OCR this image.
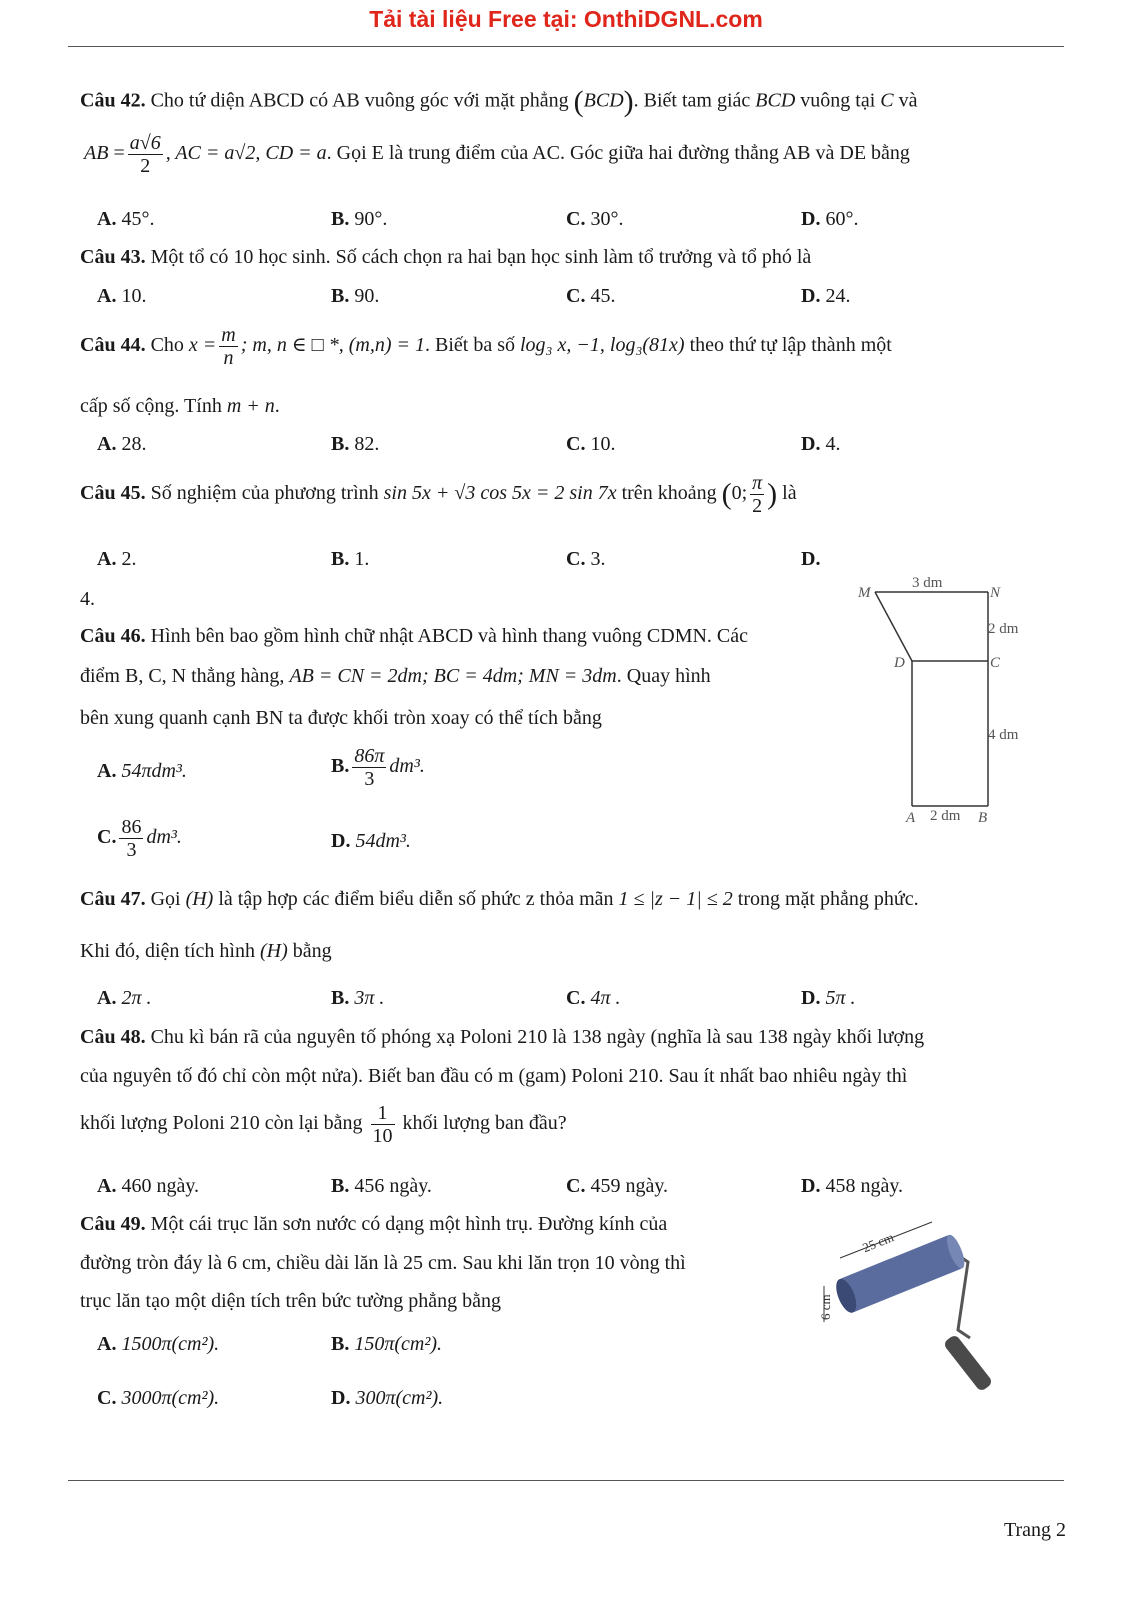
Tải tài liệu Free tại: OnthiDGNL.com
Câu 42. Cho tứ diện ABCD có AB vuông góc với mặt phẳng (BCD). Biết tam giác BCD vuông tại C và
AB = $\frac{a√6}{2}$ , AC = a√2, CD = a. Gọi E là trung điểm của AC. Góc giữa hai đường thẳng AB và DE bằng
A. 45°.	B. 90°.	C. 30°.	D. 60°.
Câu 43. Một tổ có 10 học sinh. Số cách chọn ra hai bạn học sinh làm tổ trưởng và tổ phó là
A. 10.	B. 90.	C. 45.	D. 24.
Câu 44. Cho $x = \frac{m}{n}$ ; m, n ∈ □ *, (m,n) = 1. Biết ba số log₃ x, −1, log₃(81x) theo thứ tự lập thành một
cấp số cộng. Tính m + n.
A. 28.	B. 82.	C. 10.	D. 4.
Câu 45. Số nghiệm của phương trình sin 5x + √3 cos 5x = 2 sin 7x trên khoảng (0; $\frac{\pi}{2}$ ) là
A. 2.	B. 1.	C. 3.	D.
4.
Câu 46. Hình bên bao gồm hình chữ nhật ABCD và hình thang vuông CDMN. Các
điểm B, C, N thẳng hàng, AB = CN = 2dm; BC = 4dm; MN = 3dm. Quay hình
bên xung quanh cạnh BN ta được khối tròn xoay có thể tích bằng
A. 54πdm³.	B. $\frac{86\pi}{3} dm^3$.
C. $\frac{86}{3} dm^3$.	D. 54dm³.
M	N
D	C
A	B
3 dm
2 dm
4 dm
2 dm
Câu 47. Gọi (H) là tập hợp các điểm biểu diễn số phức z thỏa mãn 1 ≤ |z − 1| ≤ 2 trong mặt phẳng phức.
Khi đó, diện tích hình (H) bằng
A. 2π .	B. 3π .	C. 4π .	D. 5π .
Câu 48. Chu kì bán rã của nguyên tố phóng xạ Poloni 210 là 138 ngày (nghĩa là sau 138 ngày khối lượng
của nguyên tố đó chỉ còn một nửa). Biết ban đầu có m (gam) Poloni 210. Sau ít nhất bao nhiêu ngày thì
khối lượng Poloni 210 còn lại bằng $\frac{1}{10}$ khối lượng ban đầu?
A. 460 ngày.	B. 456 ngày.	C. 459 ngày.	D. 458 ngày.
Câu 49. Một cái trục lăn sơn nước có dạng một hình trụ. Đường kính của
đường tròn đáy là 6 cm, chiều dài lăn là 25 cm. Sau khi lăn trọn 10 vòng thì
trục lăn tạo một diện tích trên bức tường phẳng bằng
A. 1500π(cm²).	B. 150π(cm²).
C. 3000π(cm²).	D. 300π(cm²).
25 cm
6 cm
Trang 2
